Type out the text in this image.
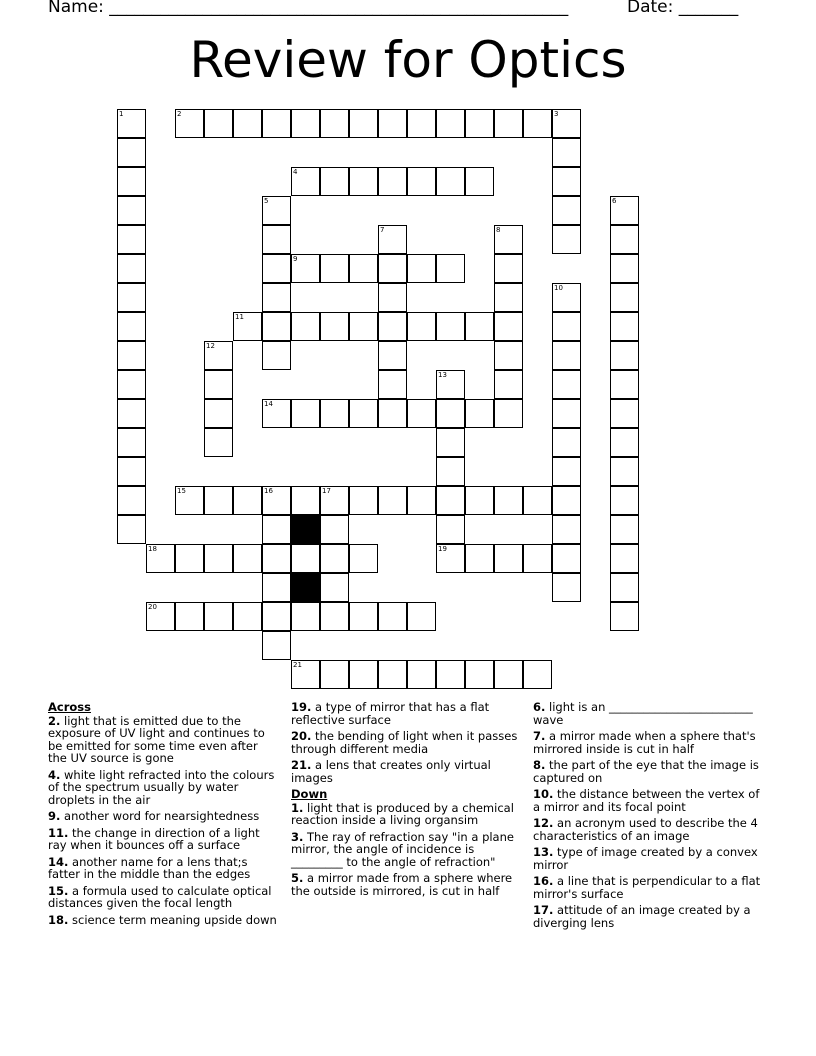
Name: ______________________________________________________	Date: _______
Review for Optics
1	2	3
4
5	6
7	8
9
10
11
12
13
14
15	16	17
18	19
20
21
Across
2. light that is emitted due to the exposure of UV light and continues to be emitted for some time even after the UV source is gone
4. white light refracted into the colours of the spectrum usually by water droplets in the air
9. another word for nearsightedness
11. the change in direction of a light ray when it bounces off a surface
14. another name for a lens that;s fatter in the middle than the edges
15. a formula used to calculate optical distances given the focal length
18. science term meaning upside down
19. a type of mirror that has a flat reflective surface
20. the bending of light when it passes through different media
21. a lens that creates only virtual images
Down
1. light that is produced by a chemical reaction inside a living organsim
3. The ray of refraction say "in a plane mirror, the angle of incidence is _________ to the angle of refraction"
5. a mirror made from a sphere where the outside is mirrored, is cut in half
6. light is an _________________________ wave
7. a mirror made when a sphere that's mirrored inside is cut in half
8. the part of the eye that the image is captured on
10. the distance between the vertex of a mirror and its focal point
12. an acronym used to describe the 4 characteristics of an image
13. type of image created by a convex mirror
16. a line that is perpendicular to a flat mirror's surface
17. attitude of an image created by a diverging lens
